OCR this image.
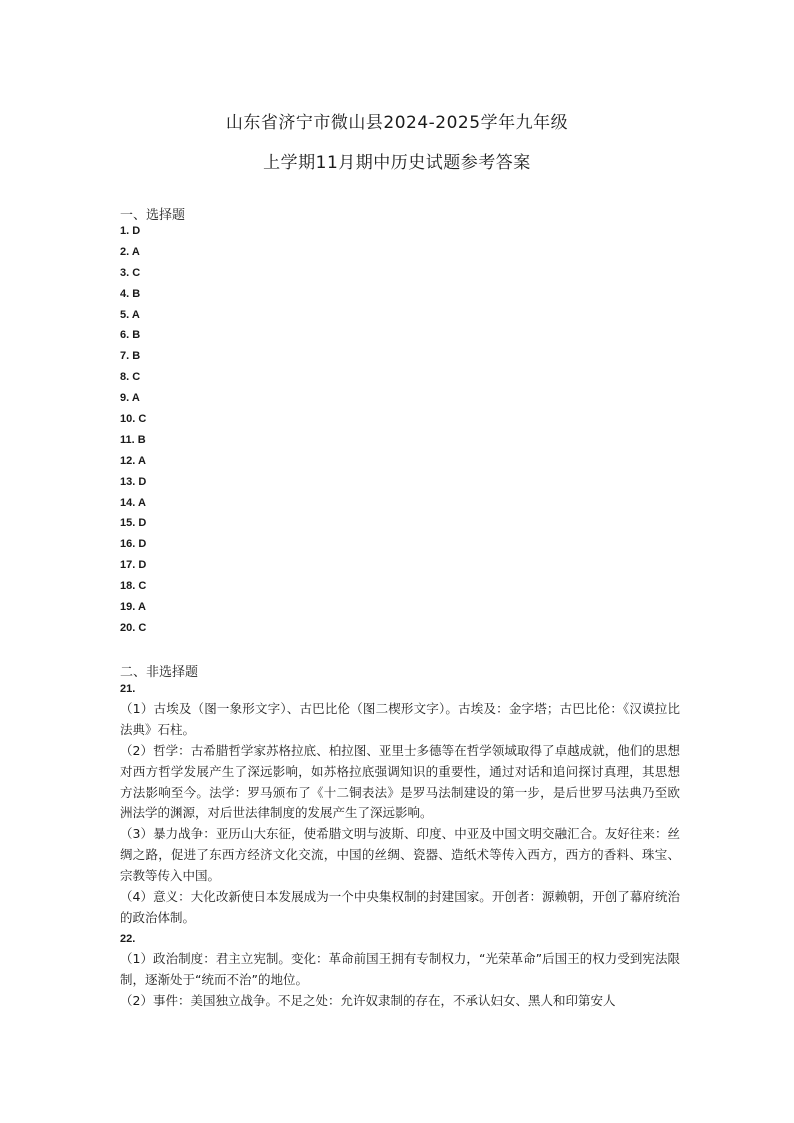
山东省济宁市微山县2024-2025学年九年级
上学期11月期中历史试题参考答案
一、选择题
1. D
2. A
3. C
4. B
5. A
6. B
7. B
8. C
9. A
10. C
11. B
12. A
13. D
14. A
15. D
16. D
17. D
18. C
19. A
20. C
二、非选择题
21.
（1）古埃及（图一象形文字）、古巴比伦（图二楔形文字）。古埃及：金字塔；古巴比伦：《汉谟拉比法典》石柱。
（2）哲学：古希腊哲学家苏格拉底、柏拉图、亚里士多德等在哲学领域取得了卓越成就，他们的思想对西方哲学发展产生了深远影响，如苏格拉底强调知识的重要性，通过对话和追问探讨真理，其思想方法影响至今。法学：罗马颁布了《十二铜表法》是罗马法制建设的第一步，是后世罗马法典乃至欧洲法学的渊源，对后世法律制度的发展产生了深远影响。
（3）暴力战争：亚历山大东征，使希腊文明与波斯、印度、中亚及中国文明交融汇合。友好往来：丝绸之路，促进了东西方经济文化交流，中国的丝绸、瓷器、造纸术等传入西方，西方的香料、珠宝、宗教等传入中国。
（4）意义：大化改新使日本发展成为一个中央集权制的封建国家。开创者：源赖朝，开创了幕府统治的政治体制。
22.
（1）政治制度：君主立宪制。变化：革命前国王拥有专制权力，“光荣革命”后国王的权力受到宪法限制，逐渐处于“统而不治”的地位。
（2）事件：美国独立战争。不足之处：允许奴隶制的存在，不承认妇女、黑人和印第安人
